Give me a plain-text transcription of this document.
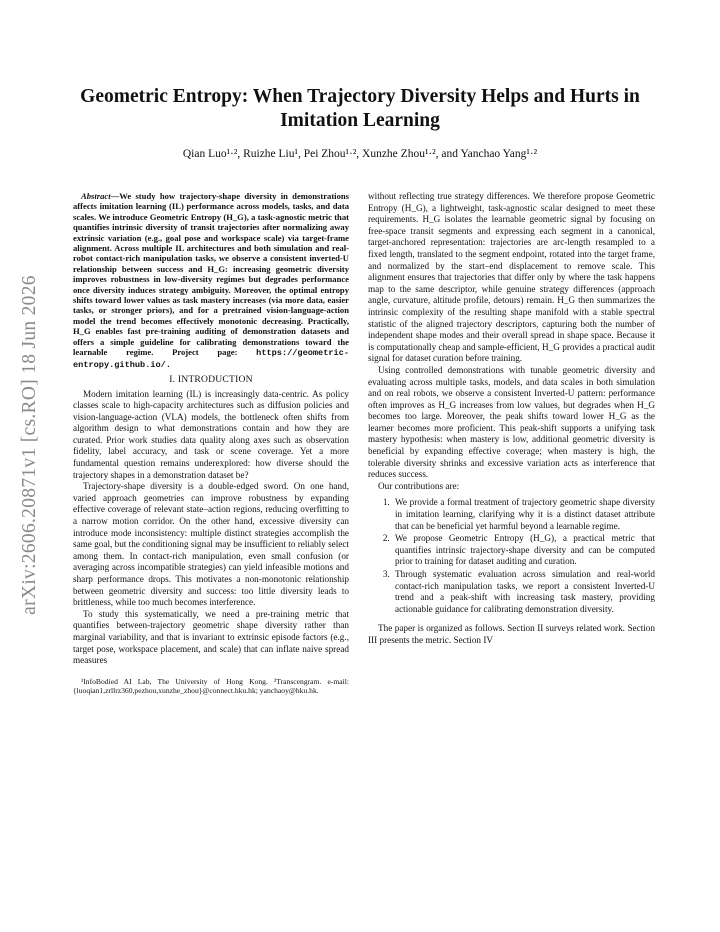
arXiv:2606.20871v1 [cs.RO] 18 Jun 2026
Geometric Entropy: When Trajectory Diversity Helps and Hurts in Imitation Learning
Qian Luo¹·², Ruizhe Liu¹, Pei Zhou¹·², Xunzhe Zhou¹·², and Yanchao Yang¹·²

Abstract—We study how trajectory-shape diversity in demonstrations affects imitation learning (IL) performance across models, tasks, and data scales. We introduce Geometric Entropy (H_G), a task-agnostic metric that quantifies intrinsic diversity of transit trajectories after normalizing away extrinsic variation (e.g., goal pose and workspace scale) via target-frame alignment. Across multiple IL architectures and both simulation and real-robot contact-rich manipulation tasks, we observe a consistent inverted-U relationship between success and H_G: increasing geometric diversity improves robustness in low-diversity regimes but degrades performance once diversity induces strategy ambiguity. Moreover, the optimal entropy shifts toward lower values as task mastery increases (via more data, easier tasks, or stronger priors), and for a pretrained vision-language-action model the trend becomes effectively monotonic decreasing. Practically, H_G enables fast pre-training auditing of demonstration datasets and offers a simple guideline for calibrating demonstrations toward the learnable regime. Project page: https://geometric-entropy.github.io/.

I. INTRODUCTION

Modern imitation learning (IL) is increasingly data-centric. As policy classes scale to high-capacity architectures such as diffusion policies and vision-language-action (VLA) models, the bottleneck often shifts from algorithm design to what demonstrations contain and how they are curated. Prior work studies data quality along axes such as observation fidelity, label accuracy, and task or scene coverage. Yet a more fundamental question remains underexplored: how diverse should the trajectory shapes in a demonstration dataset be?

Trajectory-shape diversity is a double-edged sword. On one hand, varied approach geometries can improve robustness by expanding effective coverage of relevant state–action regions, reducing overfitting to a narrow motion corridor. On the other hand, excessive diversity can introduce mode inconsistency: multiple distinct strategies accomplish the same goal, but the conditioning signal may be insufficient to reliably select among them. In contact-rich manipulation, even small confusion (or averaging across incompatible strategies) can yield infeasible motions and sharp performance drops. This motivates a non-monotonic relationship between geometric diversity and success: too little diversity leads to brittleness, while too much becomes interference.

To study this systematically, we need a pre-training metric that quantifies between-trajectory geometric shape diversity rather than marginal variability, and that is invariant to extrinsic episode factors (e.g., target pose, workspace placement, and scale) that can inflate naive spread measures

¹InfoBodied AI Lab, The University of Hong Kong. ²Transcengram. e-mail: {luoqian1,zrllrz360,pezhou,xunzhe_zhou}@connect.hku.hk; yanchaoy@hku.hk.

without reflecting true strategy differences. We therefore propose Geometric Entropy (H_G), a lightweight, task-agnostic scalar designed to meet these requirements. H_G isolates the learnable geometric signal by focusing on free-space transit segments and expressing each segment in a canonical, target-anchored representation: trajectories are arc-length resampled to a fixed length, translated to the segment endpoint, rotated into the target frame, and normalized by the start–end displacement to remove scale. This alignment ensures that trajectories that differ only by where the task happens map to the same descriptor, while genuine strategy differences (approach angle, curvature, altitude profile, detours) remain. H_G then summarizes the intrinsic complexity of the resulting shape manifold with a stable spectral statistic of the aligned trajectory descriptors, capturing both the number of independent shape modes and their overall spread in shape space. Because it is computationally cheap and sample-efficient, H_G provides a practical audit signal for dataset curation before training.

Using controlled demonstrations with tunable geometric diversity and evaluating across multiple tasks, models, and data scales in both simulation and on real robots, we observe a consistent Inverted-U pattern: performance often improves as H_G increases from low values, but degrades when H_G becomes too large. Moreover, the peak shifts toward lower H_G as the learner becomes more proficient. This peak-shift supports a unifying task mastery hypothesis: when mastery is low, additional geometric diversity is beneficial by expanding effective coverage; when mastery is high, the tolerable diversity shrinks and excessive variation acts as interference that reduces success.

Our contributions are:

1. We provide a formal treatment of trajectory geometric shape diversity in imitation learning, clarifying why it is a distinct dataset attribute that can be beneficial yet harmful beyond a learnable regime.
2. We propose Geometric Entropy (H_G), a practical metric that quantifies intrinsic trajectory-shape diversity and can be computed prior to training for dataset auditing and curation.
3. Through systematic evaluation across simulation and real-world contact-rich manipulation tasks, we report a consistent Inverted-U trend and a peak-shift with increasing task mastery, providing actionable guidance for calibrating demonstration diversity.

The paper is organized as follows. Section II surveys related work. Section III presents the metric. Section IV
